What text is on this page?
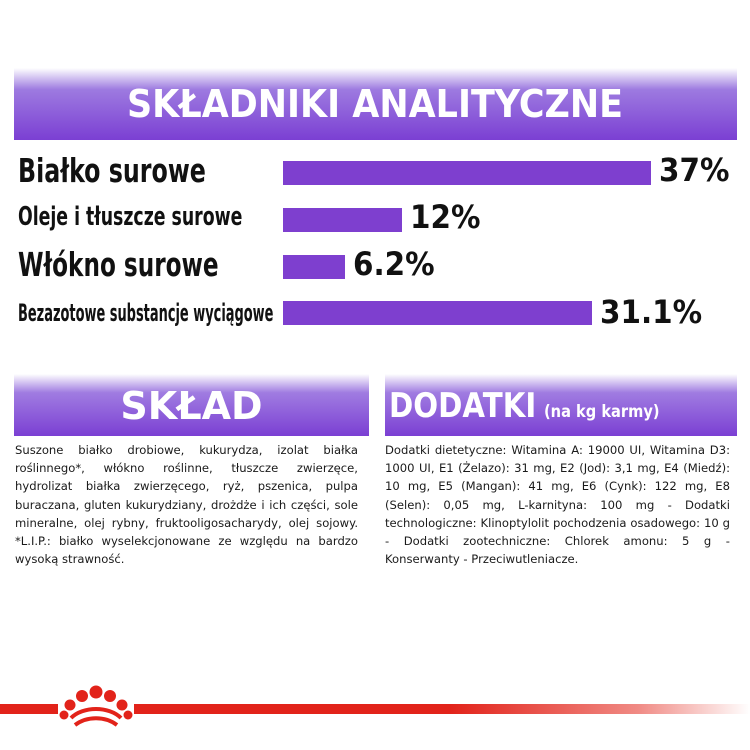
SKŁADNIKI ANALITYCZNE
Białko surowe	37%
Oleje i tłuszcze surowe	12%
Włókno surowe	6.2%
Bezazotowe substancje wyciągowe	31.1%
SKŁAD
Suszone białko drobiowe, kukurydza, izolat białka roślinnego*, włókno roślinne, tłuszcze zwierzęce, hydrolizat białka zwierzęcego, ryż, pszenica, pulpa buraczana, gluten kukurydziany, drożdże i ich części, sole mineralne, olej rybny, fruktooligosacharydy, olej sojowy. *L.I.P.: białko wyselekcjonowane ze względu na bardzo wysoką strawność.
DODATKI (na kg karmy)
Dodatki dietetyczne: Witamina A: 19000 UI, Witamina D3: 1000 UI, E1 (Żelazo): 31 mg, E2 (Jod): 3,1 mg, E4 (Miedź): 10 mg, E5 (Mangan): 41 mg, E6 (Cynk): 122 mg, E8 (Selen): 0,05 mg, L-karnityna: 100 mg - Dodatki technologiczne: Klinoptylolit pochodzenia osadowego: 10 g - Dodatki zootechniczne: Chlorek amonu: 5 g - Konserwanty - Przeciwutleniacze.
